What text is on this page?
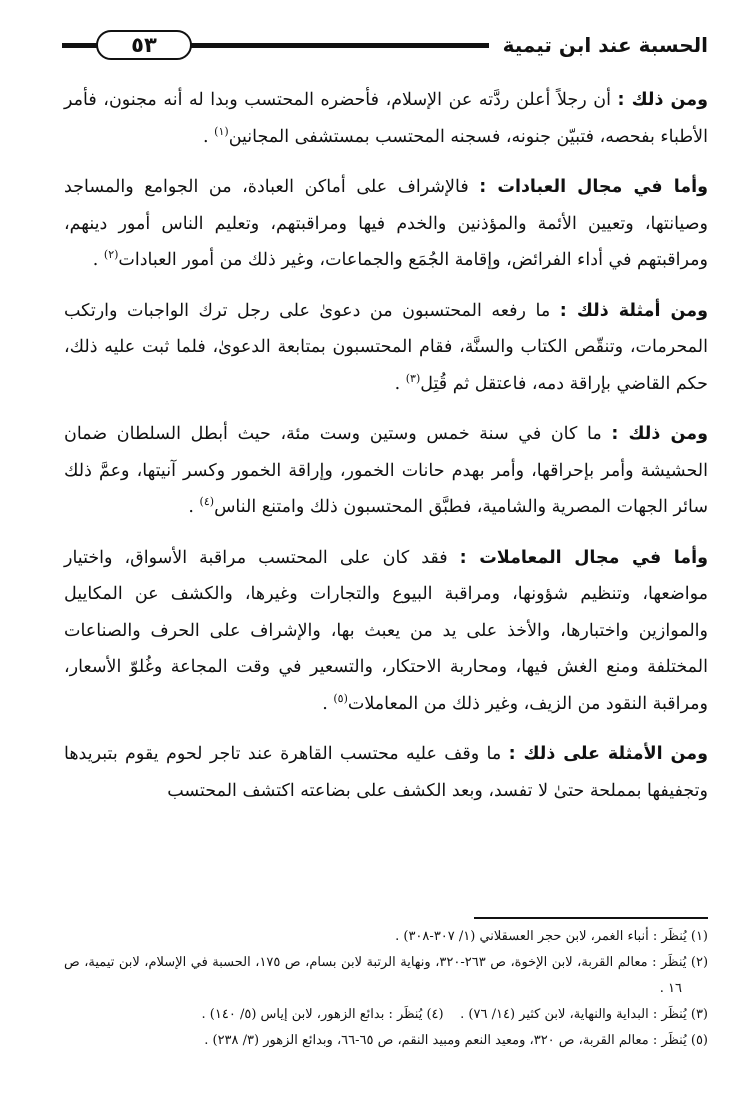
الحسبة عند ابن تيمية
٥٣

ومن ذلك : أن رجلاً أعلن ردَّته عن الإسلام، فأحضره المحتسب وبدا له أنه مجنون، فأمر الأطباء بفحصه، فتبيّن جنونه، فسجنه المحتسب بمستشفى المجانين$^{(١)}$ .

وأما في مجال العبادات : فالإشراف على أماكن العبادة، من الجوامع والمساجد وصيانتها، وتعيين الأئمة والمؤذنين والخدم فيها ومراقبتهم، وتعليم الناس أمور دينهم، ومراقبتهم في أداء الفرائض، وإقامة الجُمَع والجماعات، وغير ذلك من أمور العبادات$^{(٢)}$ .

ومن أمثلة ذلك : ما رفعه المحتسبون من دعوىٰ على رجل ترك الواجبات وارتكب المحرمات، وتنقّص الكتاب والسنَّة، فقام المحتسبون بمتابعة الدعوىٰ، فلما ثبت عليه ذلك، حكم القاضي بإراقة دمه، فاعتقل ثم قُتِل$^{(٣)}$ .

ومن ذلك : ما كان في سنة خمس وستين وست مئة، حيث أبطل السلطان ضمان الحشيشة وأمر بإحراقها، وأمر بهدم حانات الخمور، وإراقة الخمور وكسر آنيتها، وعمَّ ذلك سائر الجهات المصرية والشامية، فطبَّق المحتسبون ذلك وامتنع الناس$^{(٤)}$ .

وأما في مجال المعاملات : فقد كان على المحتسب مراقبة الأسواق، واختيار مواضعها، وتنظيم شؤونها، ومراقبة البيوع والتجارات وغيرها، والكشف عن المكاييل والموازين واختبارها، والأخذ على يد من يعبث بها، والإشراف على الحرف والصناعات المختلفة ومنع الغش فيها، ومحاربة الاحتكار، والتسعير في وقت المجاعة وغُلوّ الأسعار، ومراقبة النقود من الزيف، وغير ذلك من المعاملات$^{(٥)}$ .

ومن الأمثلة على ذلك : ما وقف عليه محتسب القاهرة عند تاجر لحوم يقوم بتبريدها وتجفيفها بمملحة حتىٰ لا تفسد، وبعد الكشف على بضاعته اكتشف المحتسب

(١) يُنظَر : أنباء الغمر، لابن حجر العسقلاني (١/ ٣٠٧-٣٠٨) .

(٢) يُنظَر : معالم القربة، لابن الإخوة، ص ٢٦٣-٣٢٠، ونهاية الرتبة لابن بسام، ص ١٧٥، الحسبة في الإسلام، لابن تيمية، ص ١٦ .

(٣) يُنظَر : البداية والنهاية، لابن كثير (١٤/ ٧٦) .    (٤) يُنظَر : بدائع الزهور، لابن إياس (٥/ ١٤٠) .

(٥) يُنظَر : معالم القربة، ص ٣٢٠، ومعيد النعم ومبيد النقم، ص ٦٥-٦٦، وبدائع الزهور (٣/ ٢٣٨) .
